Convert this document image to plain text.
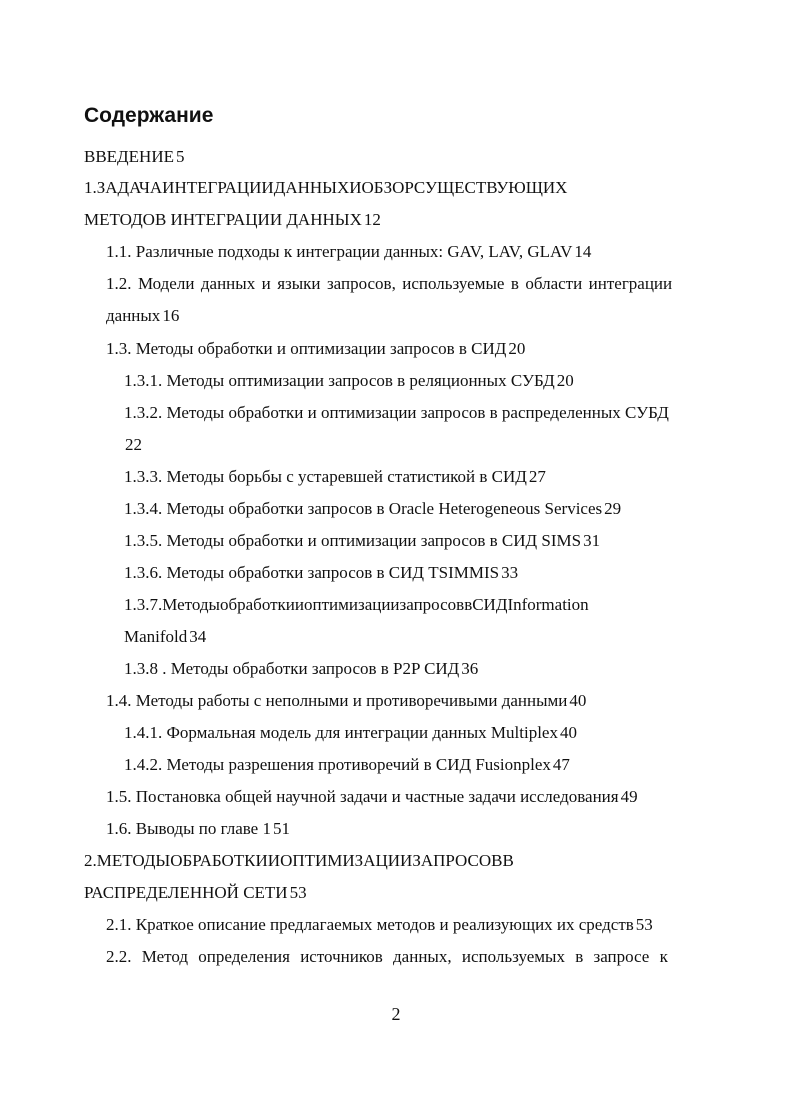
Содержание
ВВЕДЕНИЕ 5
1. ЗАДАЧА ИНТЕГРАЦИИ ДАННЫХ И ОБЗОР СУЩЕСТВУЮЩИХ
МЕТОДОВ ИНТЕГРАЦИИ ДАННЫХ 12
1.1. Различные подходы к интеграции данных: GAV, LAV, GLAV 14
1.2. Модели данных и языки запросов, используемые в области интеграции
данных 16
1.3. Методы обработки и оптимизации запросов в СИД 20
1.3.1. Методы оптимизации запросов в реляционных СУБД 20
1.3.2. Методы обработки и оптимизации запросов в распределенных СУБД
22
1.3.3. Методы борьбы с устаревшей статистикой в СИД 27
1.3.4. Методы обработки запросов в Oracle Heterogeneous Services 29
1.3.5. Методы обработки и оптимизации запросов в СИД SIMS 31
1.3.6. Методы обработки запросов в СИД TSIMMIS 33
1.3.7. Методы обработки и оптимизации запросов в СИД Information
Manifold 34
1.3.8 . Методы обработки запросов в P2P СИД 36
1.4. Методы работы с неполными и противоречивыми данными 40
1.4.1. Формальная модель для интеграции данных Multiplex 40
1.4.2. Методы разрешения противоречий в СИД Fusionplex 47
1.5. Постановка общей научной задачи и частные задачи исследования 49
1.6. Выводы по главе 1 51
2. МЕТОДЫ ОБРАБОТКИ И ОПТИМИЗАЦИИ ЗАПРОСОВ В
РАСПРЕДЕЛЕННОЙ СЕТИ 53
2.1. Краткое описание предлагаемых методов и реализующих их средств 53
2.2. Метод определения источников данных, используемых в запросе к
2
